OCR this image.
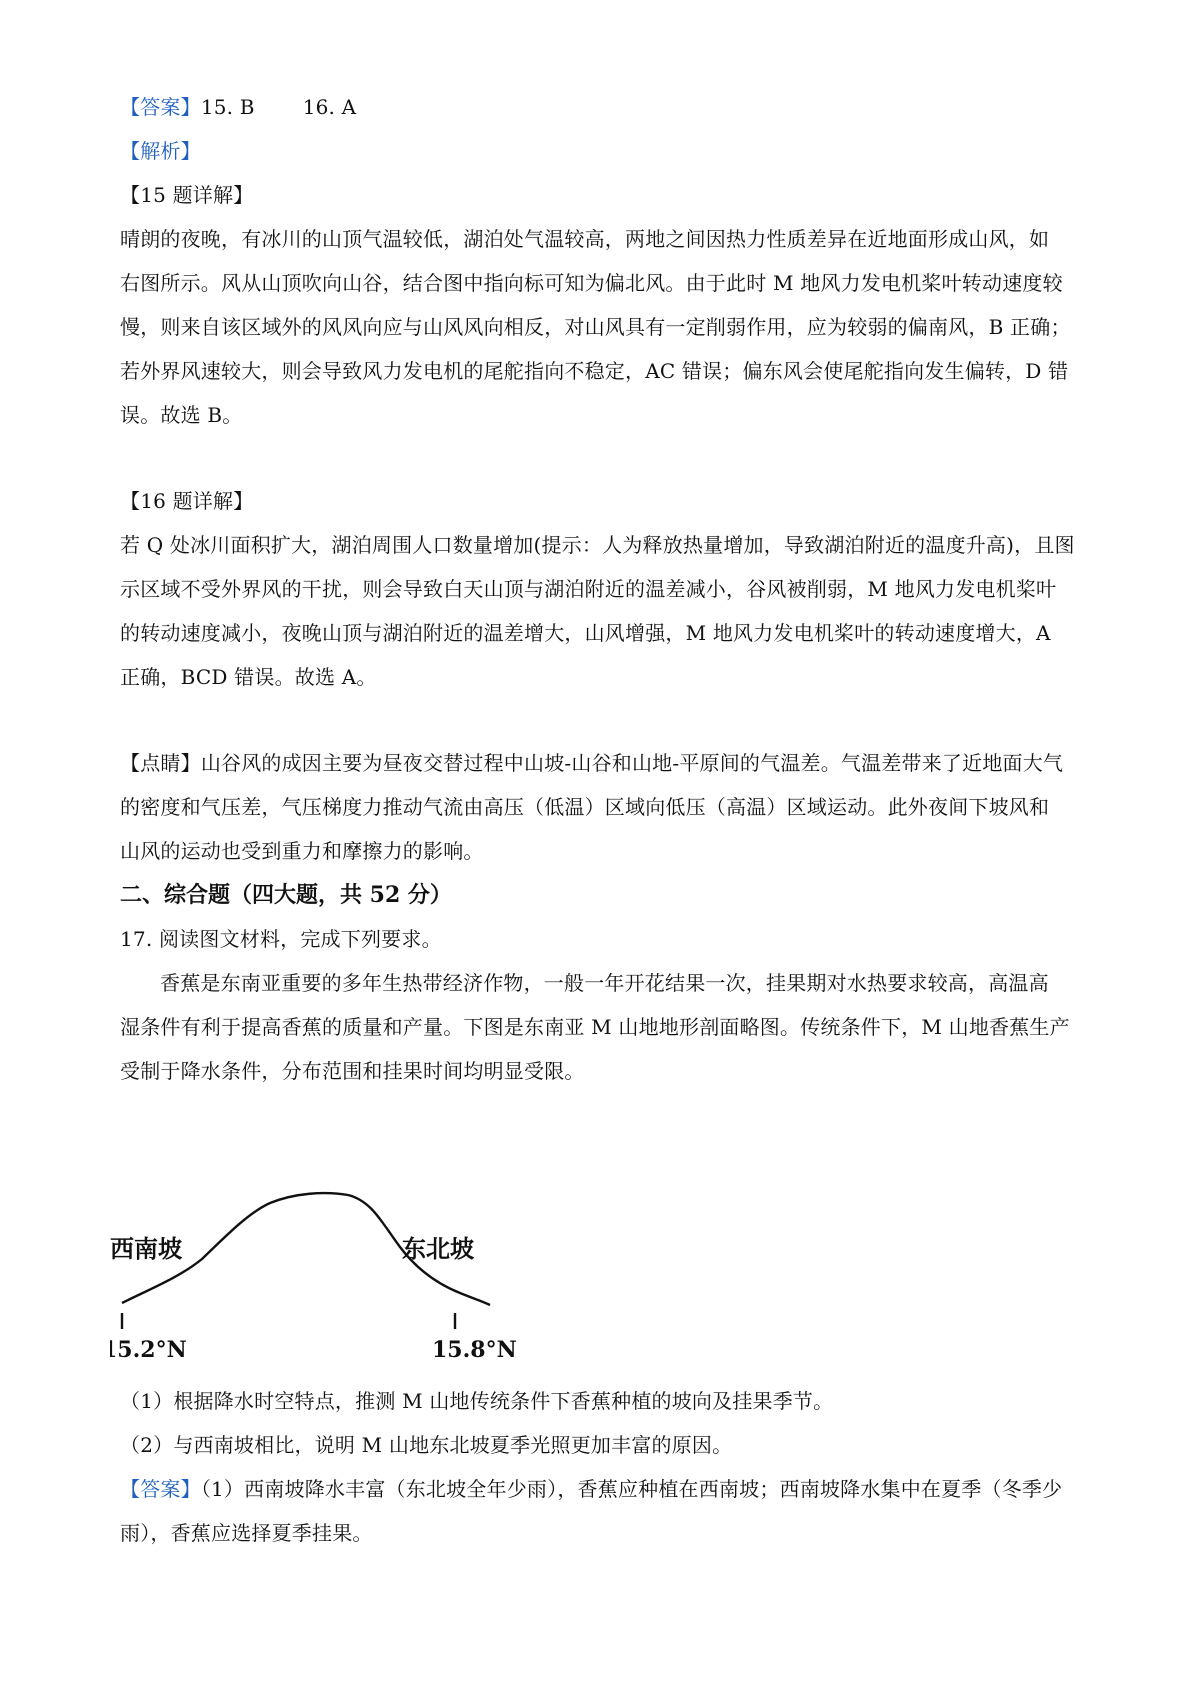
【答案】15. B 16. A
【解析】
【15 题详解】
晴朗的夜晚，有冰川的山顶气温较低，湖泊处气温较高，两地之间因热力性质差异在近地面形成山风，如
右图所示。风从山顶吹向山谷，结合图中指向标可知为偏北风。由于此时 M 地风力发电机桨叶转动速度较
慢，则来自该区域外的风风向应与山风风向相反，对山风具有一定削弱作用，应为较弱的偏南风，B 正确；
若外界风速较大，则会导致风力发电机的尾舵指向不稳定，AC 错误；偏东风会使尾舵指向发生偏转，D 错
误。故选 B。
【16 题详解】
若 Q 处冰川面积扩大，湖泊周围人口数量增加(提示：人为释放热量增加，导致湖泊附近的温度升高)，且图
示区域不受外界风的干扰，则会导致白天山顶与湖泊附近的温差减小，谷风被削弱，M 地风力发电机桨叶
的转动速度减小，夜晚山顶与湖泊附近的温差增大，山风增强，M 地风力发电机桨叶的转动速度增大，A
正确，BCD 错误。故选 A。
【点睛】山谷风的成因主要为昼夜交替过程中山坡-山谷和山地-平原间的气温差。气温差带来了近地面大气
的密度和气压差，气压梯度力推动气流由高压（低温）区域向低压（高温）区域运动。此外夜间下坡风和
山风的运动也受到重力和摩擦力的影响。
二、综合题（四大题，共 52 分）
17. 阅读图文材料，完成下列要求。
香蕉是东南亚重要的多年生热带经济作物，一般一年开花结果一次，挂果期对水热要求较高，高温高
湿条件有利于提高香蕉的质量和产量。下图是东南亚 M 山地地形剖面略图。传统条件下，M 山地香蕉生产
受制于降水条件，分布范围和挂果时间均明显受限。
西南坡	东北坡
15.2°N	15.8°N
（1）根据降水时空特点，推测 M 山地传统条件下香蕉种植的坡向及挂果季节。
（2）与西南坡相比，说明 M 山地东北坡夏季光照更加丰富的原因。
【答案】（1）西南坡降水丰富（东北坡全年少雨），香蕉应种植在西南坡；西南坡降水集中在夏季（冬季少
雨），香蕉应选择夏季挂果。
